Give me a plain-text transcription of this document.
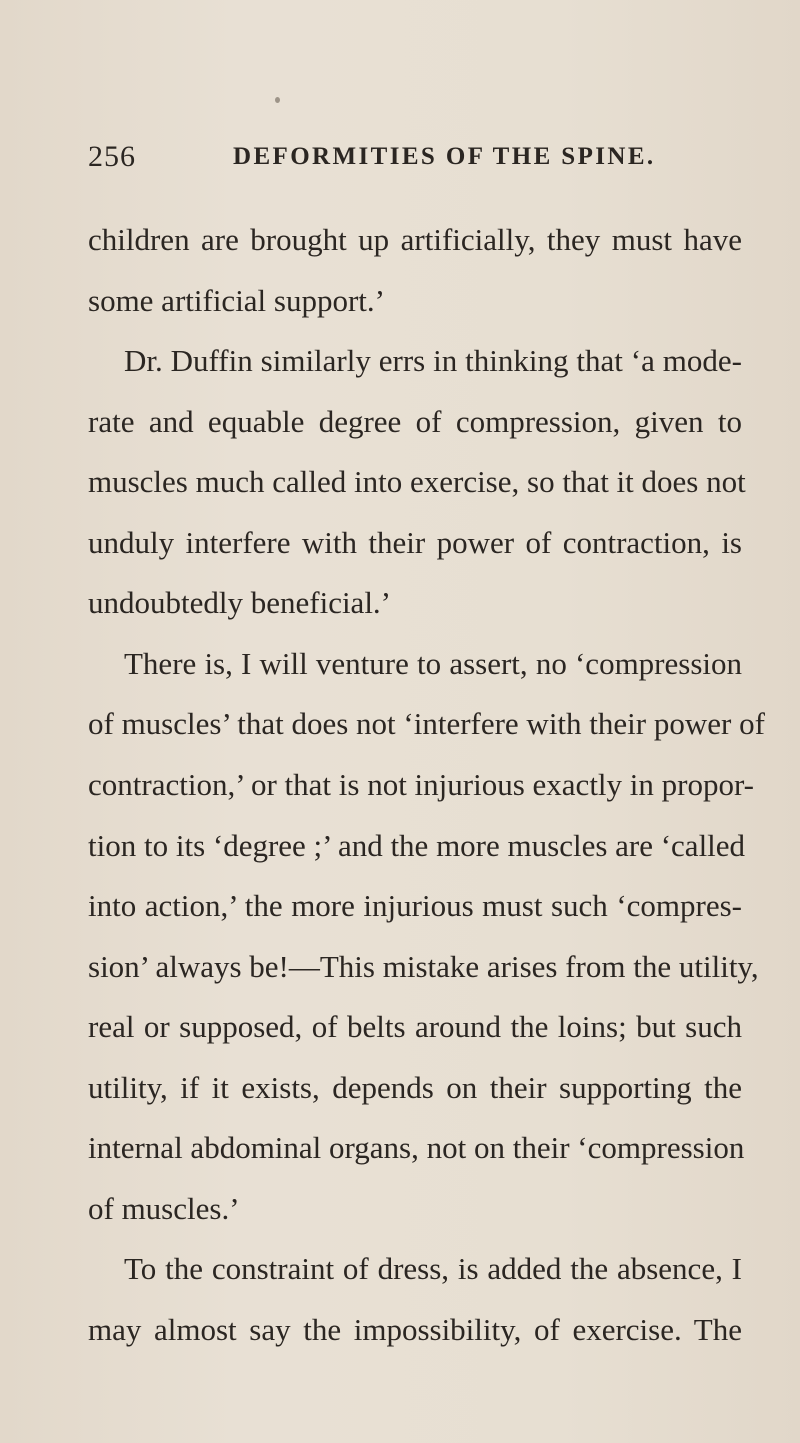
256	DEFORMITIES OF THE SPINE.
children are brought up artificially, they must have
some artificial support.’
Dr. Duffin similarly errs in thinking that ‘a mode-
rate and equable degree of compression, given to
muscles much called into exercise, so that it does not
unduly interfere with their power of contraction, is
undoubtedly beneficial.’
There is, I will venture to assert, no ‘compression
of muscles’ that does not ‘interfere with their power of
contraction,’ or that is not injurious exactly in propor-
tion to its ‘degree ;’ and the more muscles are ‘called
into action,’ the more injurious must such ‘compres-
sion’ always be!—This mistake arises from the utility,
real or supposed, of belts around the loins; but such
utility, if it exists, depends on their supporting the
internal abdominal organs, not on their ‘compression
of muscles.’
To the constraint of dress, is added the absence, I
may almost say the impossibility, of exercise. The
